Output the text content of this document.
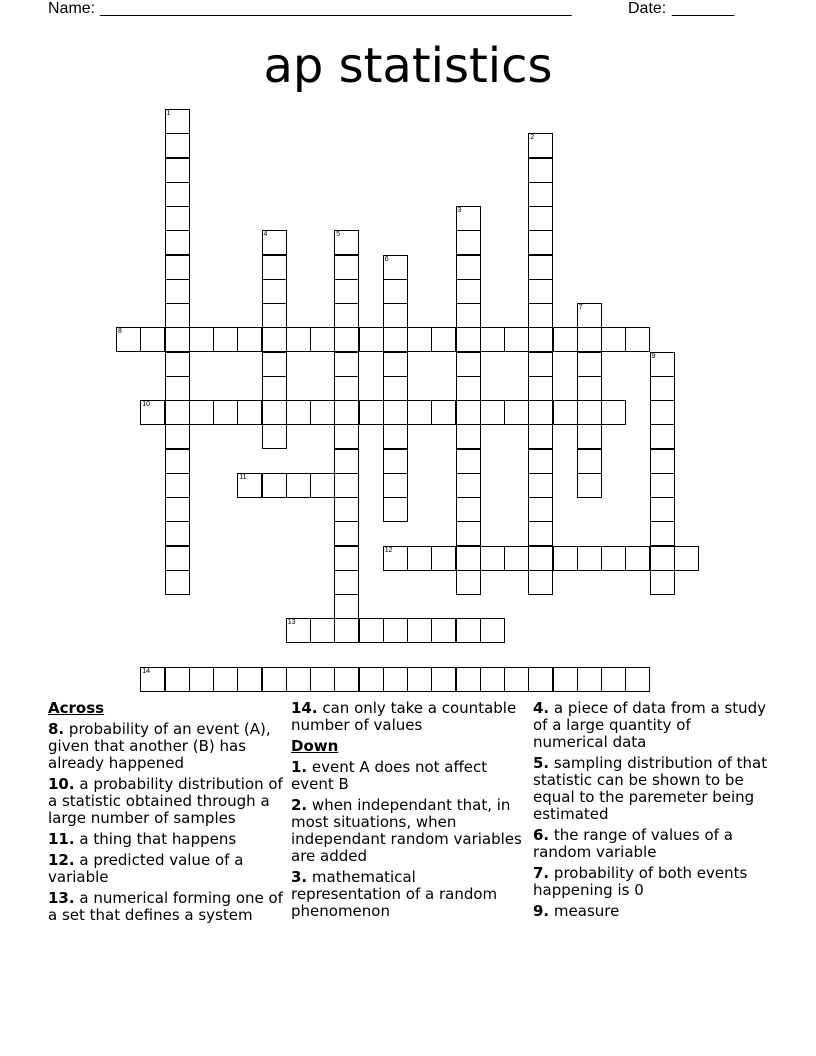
Name: _____________________________________________________	Date: _______
ap statistics
1
2
3
4	5
6
7
8
9
10
11
12
13
14
Across
8. probability of an event (A), given that another (B) has already happened
10. a probability distribution of a statistic obtained through a large number of samples
11. a thing that happens
12. a predicted value of a variable
13. a numerical forming one of a set that defines a system
14. can only take a countable number of values
Down
1. event A does not affect event B
2. when independant that, in most situations, when independant random variables are added
3. mathematical representation of a random phenomenon
4. a piece of data from a study of a large quantity of numerical data
5. sampling distribution of that statistic can be shown to be equal to the paremeter being estimated
6. the range of values of a random variable
7. probability of both events happening is 0
9. measure
